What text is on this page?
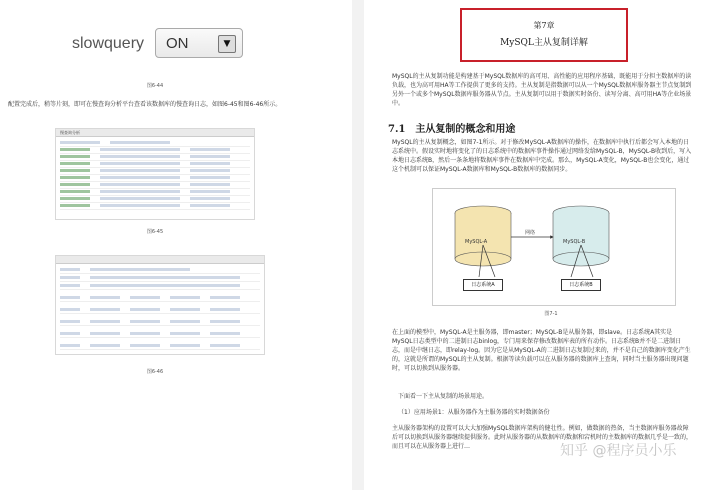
slowquery ON	▼
图6-44
配置完成后，稍等片刻，即可在慢查询分析平台查看该数据库的慢查询日志，如图6-45和图6-46所示。
慢查询分析
图6-45
图6-46
第7章
MySQL主从复制详解
MySQL的主从复制功能是构建基于MySQL数据库的高可用、高性能的应用程序基础，既能用于分担主数据库的读负载，也为高可用HA等工作提供了更多的支持。主从复制是指数据可以从一个MySQL数据库服务器主节点复制到另外一个或多个MySQL数据库服务器从节点。主从复制可以用于数据实时备份、读写分离、高可用HA等企业场景中。
7.1　主从复制的概念和用途
MySQL的主从复制概念，如图7-1所示。对于修改MySQL-A数据库的操作，在数据库中执行后都会写入本地的日志系统中。假设实时地将变化了的日志系统中的数据库事件操作通过网络发给MySQL-B，MySQL-B收到后，写入本地日志系统B，然后一条条地将数据库事件在数据库中完成。那么，MySQL-A变化，MySQL-B也会变化，通过这个机制可以保证MySQL-A数据库和MySQL-B数据库的数据同步。
MySQL-A	MySQL-B
网络
日志系统A	日志系统B
图7-1
在上面的模型中，MySQL-A是主服务器，即master；MySQL-B是从服务器，即slave。日志系统A其实是MySQL日志类型中的二进制日志binlog，专门用来保存修改数据库表的所有动作。日志系统B并不是二进制日志，而是中继日志，即relay-log。因为它是从MySQL-A的二进制日志复制过来的，并不是自己的数据库变化产生的，这就是所谓的MySQL的主从复制。根据等读负载可以在从服务器的数据库上查询，同时当主服务器出现问题时，可以切换到从服务器。
下面看一下主从复制的场景用途。
（1）应用场景1：从服务器作为主服务器的实时数据备份
主从服务器架构的设置可以大大加强MySQL数据库架构的健壮性。例如，做数据的热备，当主数据库服务器故障后可以切换到从服务器继续提供服务。此时从服务器的从数据库的数据和宕机时的主数据库的数据几乎是一致的，而且可以在从服务器上进行…	知乎 @程序员小乐
